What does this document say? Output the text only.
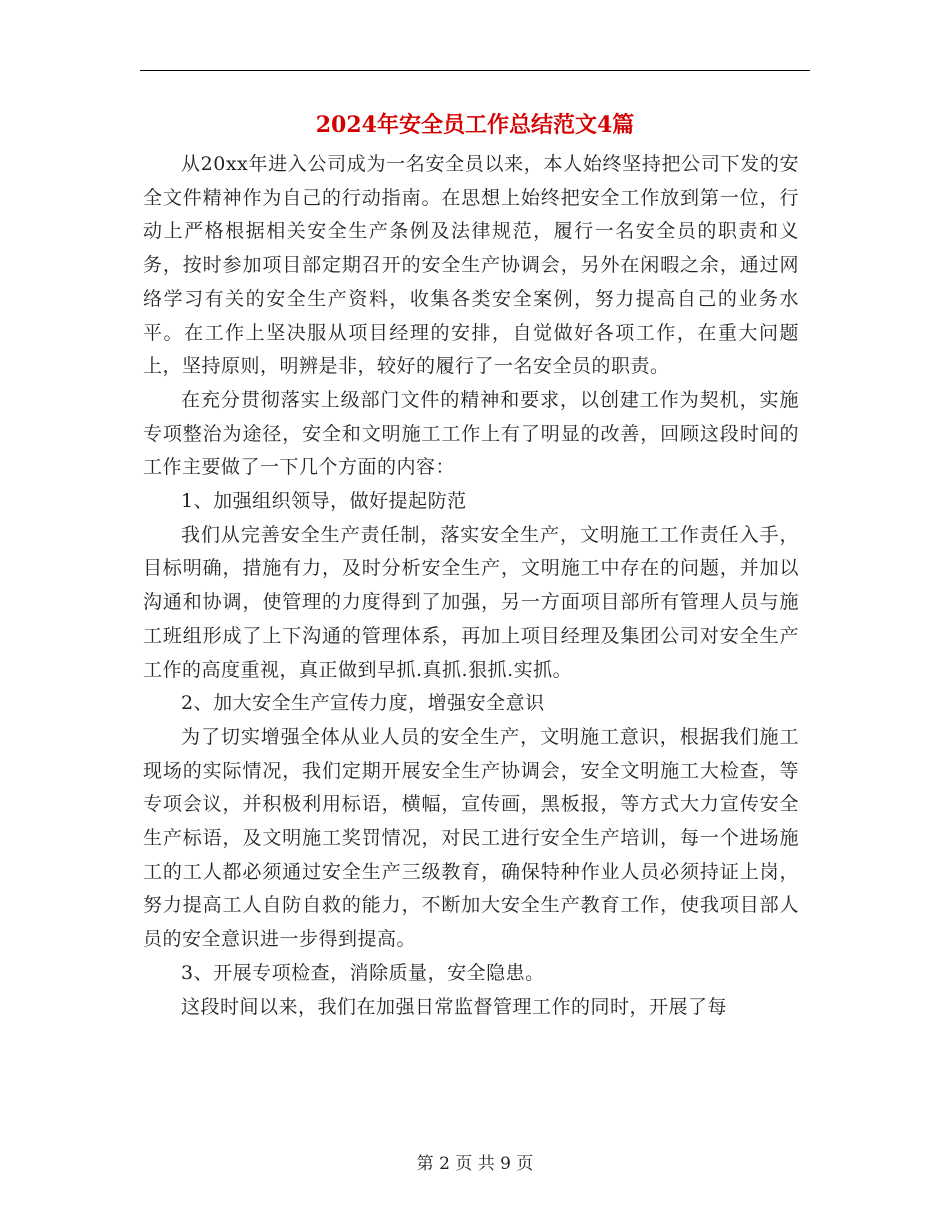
2024年安全员工作总结范文4篇

从20xx年进入公司成为一名安全员以来，本人始终坚持把公司下发的安全文件精神作为自己的行动指南。在思想上始终把安全工作放到第一位，行动上严格根据相关安全生产条例及法律规范，履行一名安全员的职责和义务，按时参加项目部定期召开的安全生产协调会，另外在闲暇之余，通过网络学习有关的安全生产资料，收集各类安全案例，努力提高自己的业务水平。在工作上坚决服从项目经理的安排，自觉做好各项工作，在重大问题上，坚持原则，明辨是非，较好的履行了一名安全员的职责。

在充分贯彻落实上级部门文件的精神和要求，以创建工作为契机，实施专项整治为途径，安全和文明施工工作上有了明显的改善，回顾这段时间的工作主要做了一下几个方面的内容：

1、加强组织领导，做好提起防范

我们从完善安全生产责任制，落实安全生产，文明施工工作责任入手，目标明确，措施有力，及时分析安全生产，文明施工中存在的问题，并加以沟通和协调，使管理的力度得到了加强，另一方面项目部所有管理人员与施工班组形成了上下沟通的管理体系，再加上项目经理及集团公司对安全生产工作的高度重视，真正做到早抓.真抓.狠抓.实抓。

2、加大安全生产宣传力度，增强安全意识

为了切实增强全体从业人员的安全生产，文明施工意识，根据我们施工现场的实际情况，我们定期开展安全生产协调会，安全文明施工大检查，等专项会议，并积极利用标语，横幅，宣传画，黑板报，等方式大力宣传安全生产标语，及文明施工奖罚情况，对民工进行安全生产培训，每一个进场施工的工人都必须通过安全生产三级教育，确保特种作业人员必须持证上岗，努力提高工人自防自救的能力，不断加大安全生产教育工作，使我项目部人员的安全意识进一步得到提高。

3、开展专项检查，消除质量，安全隐患。

这段时间以来，我们在加强日常监督管理工作的同时，开展了每

第 2 页 共 9 页
